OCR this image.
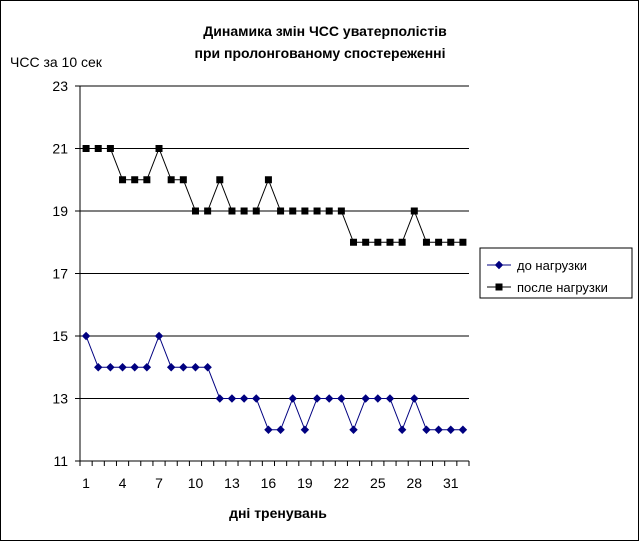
Динамика змін ЧСС уватерполістів
при пролонгованому спостереженні
ЧСС за 10 сек
дні тренувань
11
13
15
17
19
21
23
1 4 7 10 13 16 19 22 25 28 31
до нагрузки
после нагрузки
